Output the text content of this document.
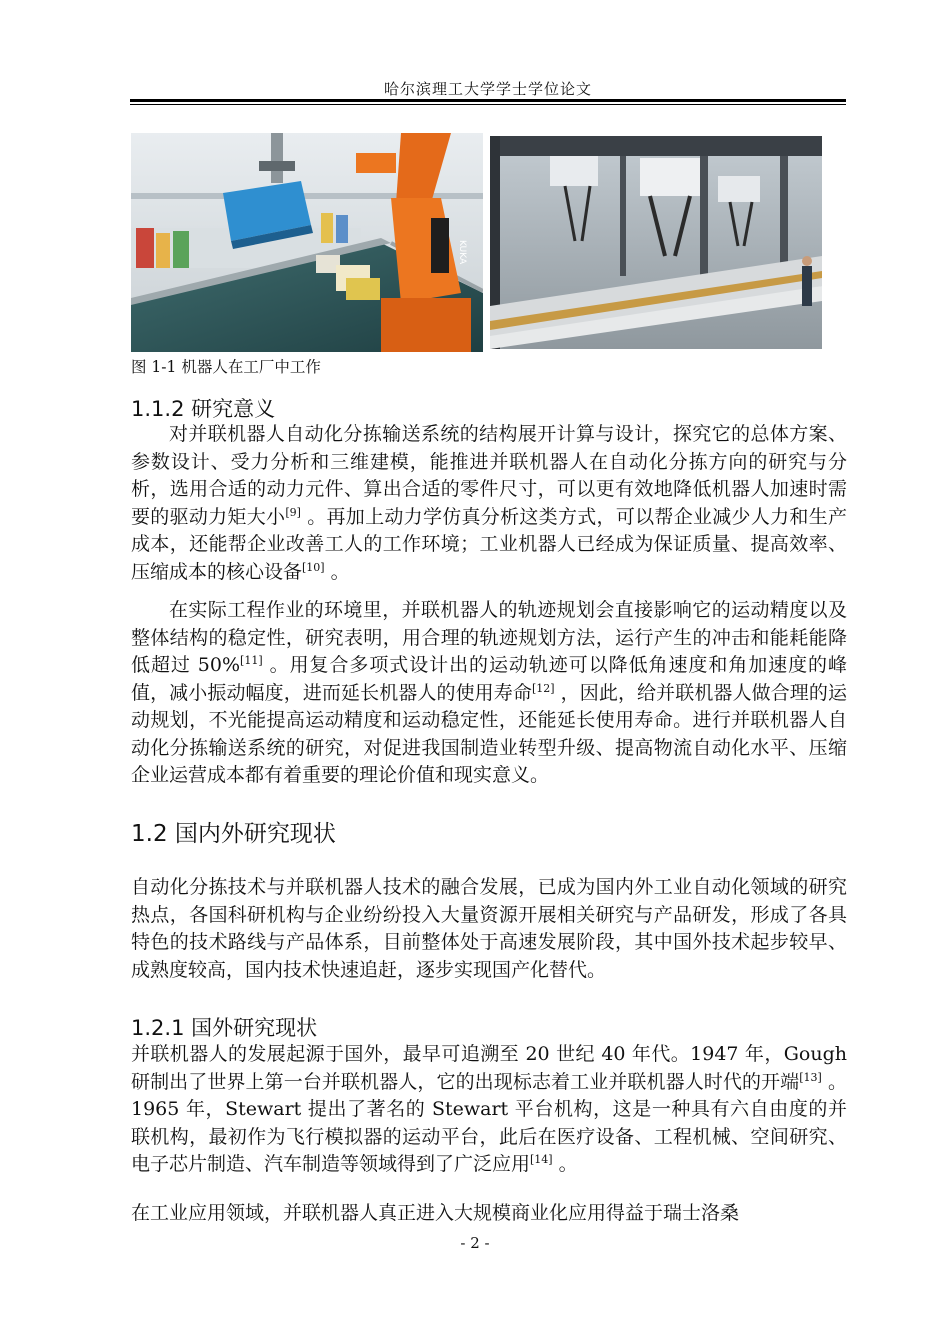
哈尔滨理工大学学士学位论文
KUKA
图 1-1 机器人在工厂中工作
1.1.2 研究意义
对并联机器人自动化分拣输送系统的结构展开计算与设计，探究它的总体方案、参数设计、受力分析和三维建模，能推进并联机器人在自动化分拣方向的研究与分析，选用合适的动力元件、算出合适的零件尺寸，可以更有效地降低机器人加速时需要的驱动力矩大小[9] 。再加上动力学仿真分析这类方式，可以帮企业减少人力和生产成本，还能帮企业改善工人的工作环境；工业机器人已经成为保证质量、提高效率、压缩成本的核心设备[10] 。
在实际工程作业的环境里，并联机器人的轨迹规划会直接影响它的运动精度以及整体结构的稳定性，研究表明，用合理的轨迹规划方法，运行产生的冲击和能耗能降低超过 50%[11] 。用复合多项式设计出的运动轨迹可以降低角速度和角加速度的峰值，减小振动幅度，进而延长机器人的使用寿命[12] ，因此，给并联机器人做合理的运动规划，不光能提高运动精度和运动稳定性，还能延长使用寿命。进行并联机器人自动化分拣输送系统的研究，对促进我国制造业转型升级、提高物流自动化水平、压缩企业运营成本都有着重要的理论价值和现实意义。
1.2 国内外研究现状
自动化分拣技术与并联机器人技术的融合发展，已成为国内外工业自动化领域的研究热点，各国科研机构与企业纷纷投入大量资源开展相关研究与产品研发，形成了各具特色的技术路线与产品体系，目前整体处于高速发展阶段，其中国外技术起步较早、成熟度较高，国内技术快速追赶，逐步实现国产化替代。
1.2.1 国外研究现状
并联机器人的发展起源于国外，最早可追溯至 20 世纪 40 年代。1947 年，Gough 研制出了世界上第一台并联机器人，它的出现标志着工业并联机器人时代的开端[13] 。1965 年，Stewart 提出了著名的 Stewart 平台机构，这是一种具有六自由度的并联机构，最初作为飞行模拟器的运动平台，此后在医疗设备、工程机械、空间研究、电子芯片制造、汽车制造等领域得到了广泛应用[14] 。
在工业应用领域，并联机器人真正进入大规模商业化应用得益于瑞士洛桑
- 2 -
